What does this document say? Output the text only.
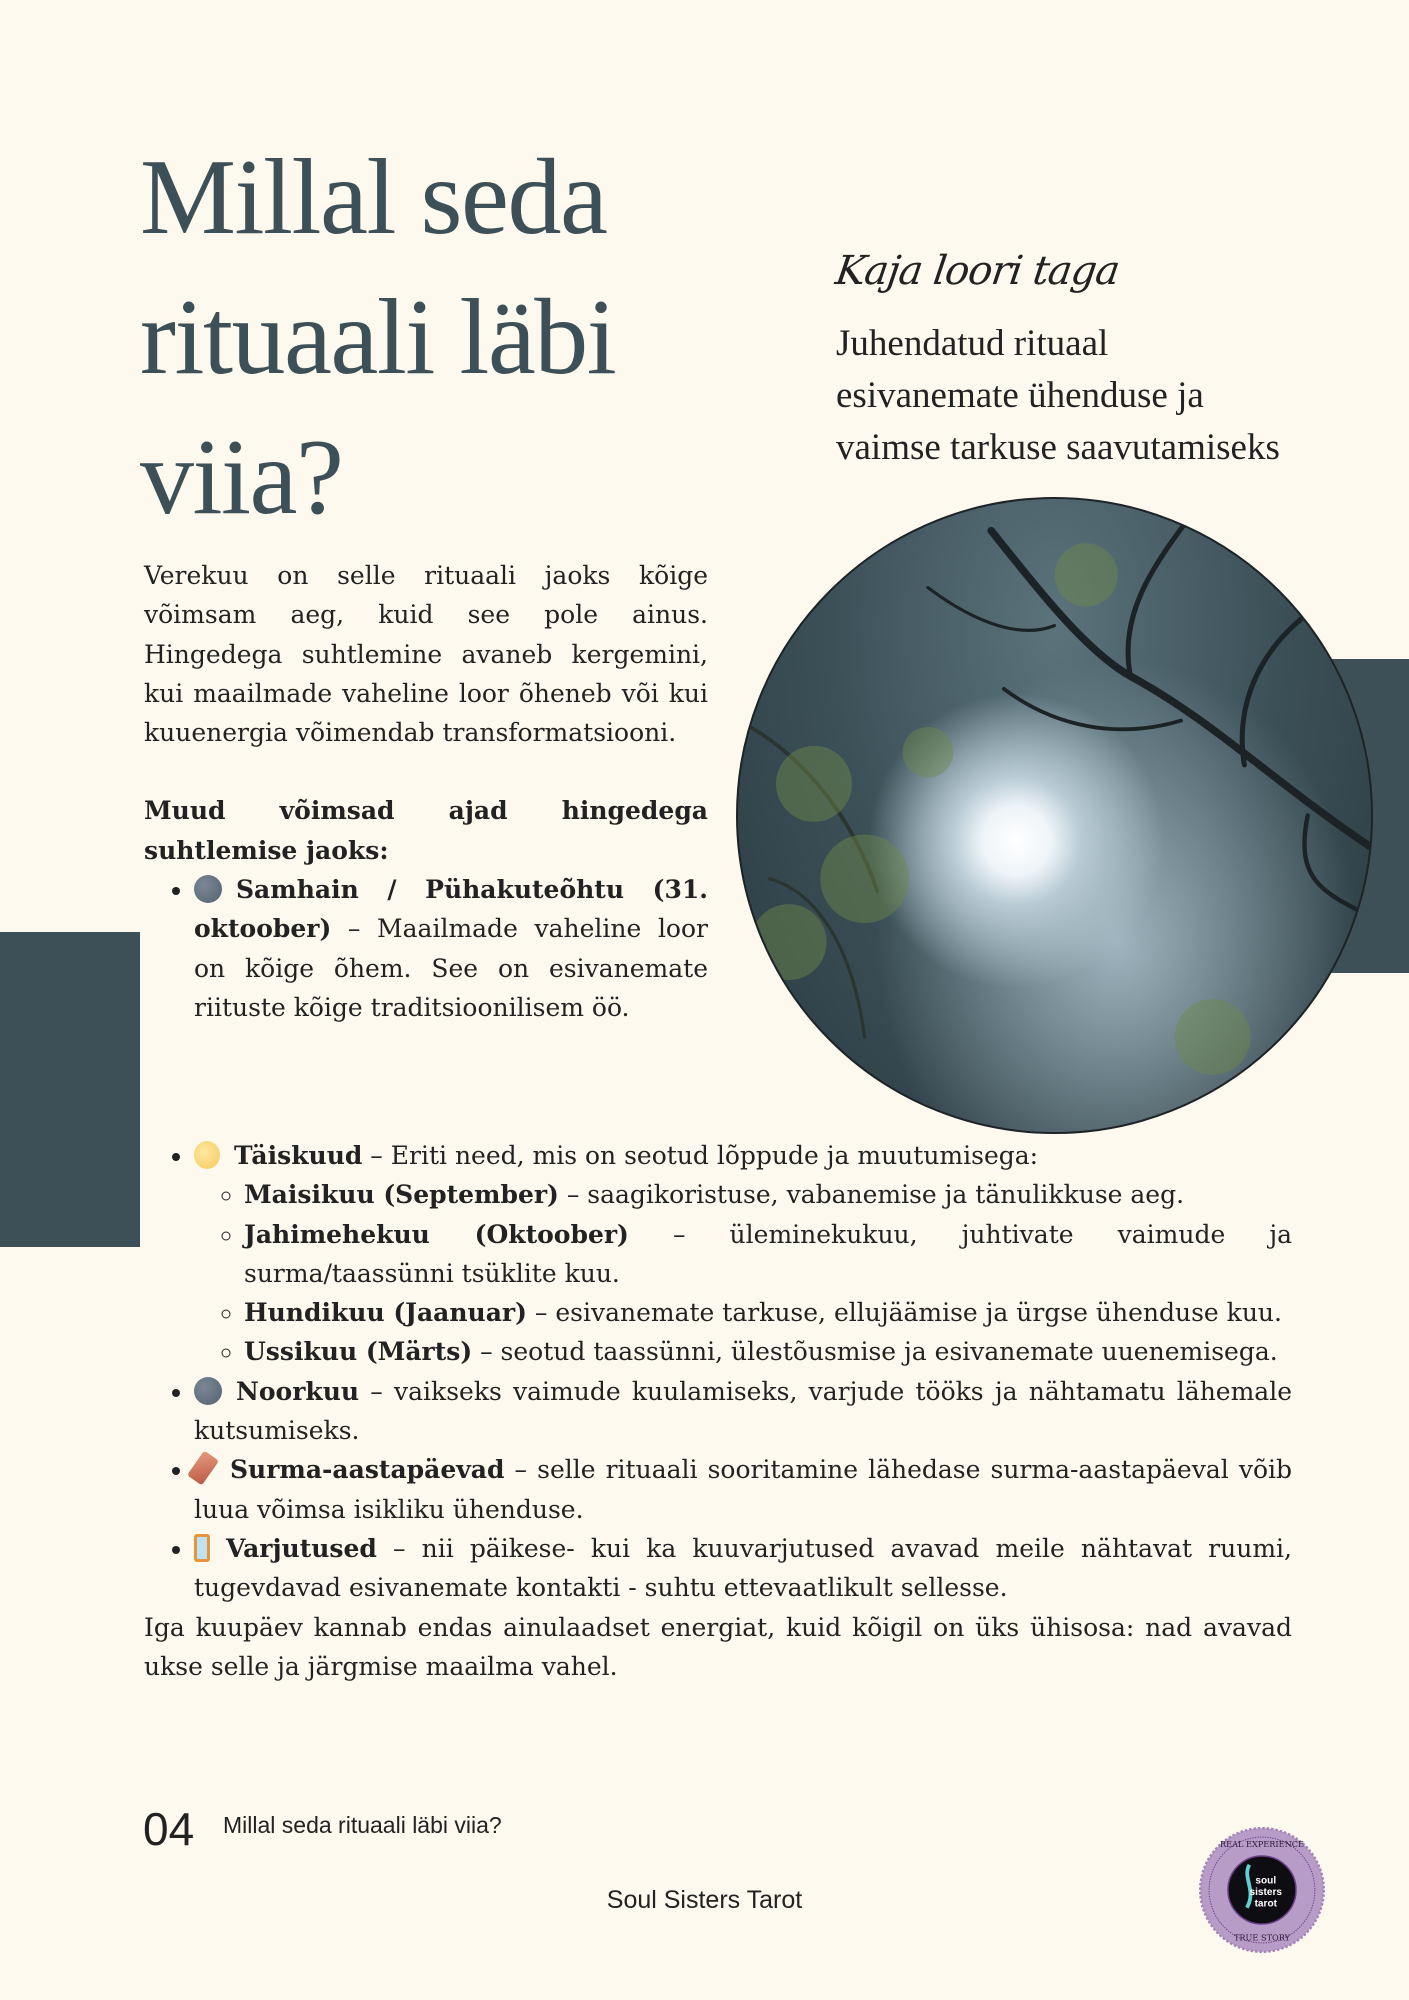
Millal seda
rituaali läbi
viia?
Kaja loori taga
Juhendatud rituaal
esivanemate ühenduse ja
vaimse tarkuse saavutamiseks

Verekuu on selle rituaali jaoks kõige võimsam aeg, kuid see pole ainus. Hingedega suhtlemine avaneb kergemini, kui maailmade vaheline loor õheneb või kui kuuenergia võimendab transformatsiooni.

Muud võimsad ajad hingedega suhtlemise jaoks:

• Samhain / Pühakuteõhtu (31. oktoober) – Maailmade vaheline loor on kõige õhem. See on esivanemate riituste kõige traditsioonilisem öö.
• Täiskuud – Eriti need, mis on seotud lõppude ja muutumisega:
◦ Maisikuu (September) – saagikoristuse, vabanemise ja tänulikkuse aeg.
◦ Jahimehekuu (Oktoober) – üleminekukuu, juhtivate vaimude ja surma/taassünni tsüklite kuu.
◦ Hundikuu (Jaanuar) – esivanemate tarkuse, ellujäämise ja ürgse ühenduse kuu.
◦ Ussikuu (Märts) – seotud taassünni, ülestõusmise ja esivanemate uuenemisega.
• Noorkuu – vaikseks vaimude kuulamiseks, varjude tööks ja nähtamatu lähemale kutsumiseks.
• Surma-aastapäevad – selle rituaali sooritamine lähedase surma-aastapäeval võib luua võimsa isikliku ühenduse.
• Varjutused – nii päikese- kui ka kuuvarjutused avavad meile nähtavat ruumi, tugevdavad esivanemate kontakti - suhtu ettevaatlikult sellesse.

Iga kuupäev kannab endas ainulaadset energiat, kuid kõigil on üks ühisosa: nad avavad ukse selle ja järgmise maailma vahel.

04 Millal seda rituaali läbi viia?
Soul Sisters Tarot
soul
sisters
tarot
REAL EXPERIENCE
TRUE STORY
